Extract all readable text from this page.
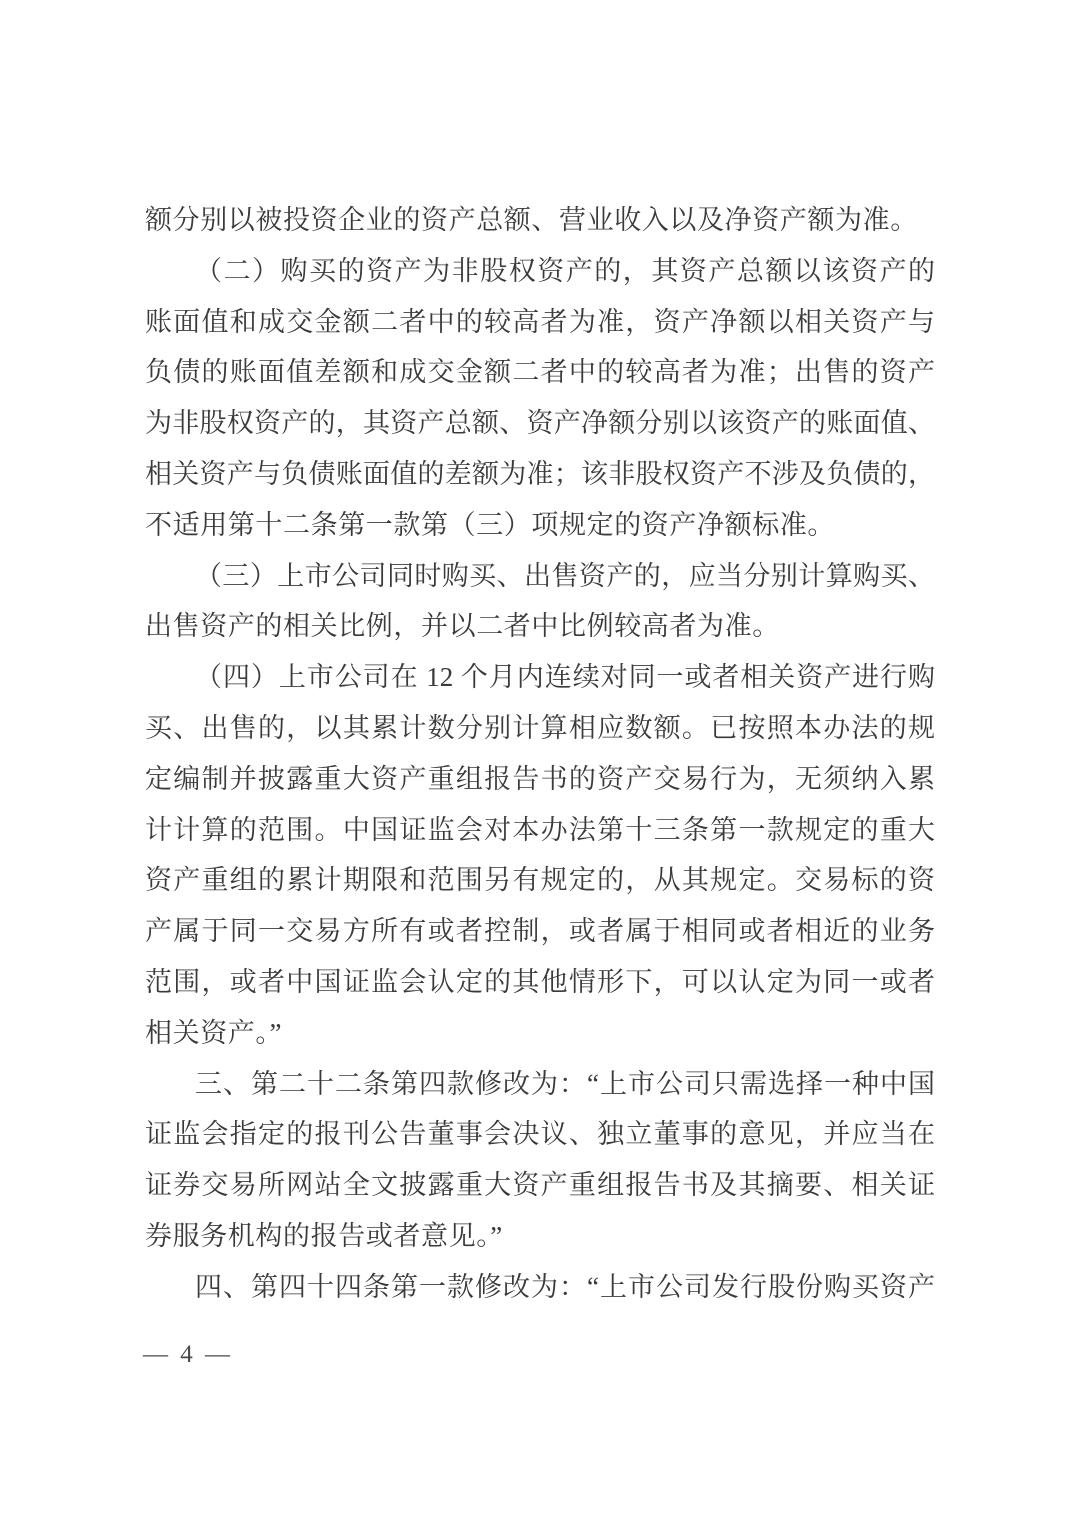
额分别以被投资企业的资产总额、营业收入以及净资产额为准。
（二）购买的资产为非股权资产的，其资产总额以该资产的
账面值和成交金额二者中的较高者为准，资产净额以相关资产与
负债的账面值差额和成交金额二者中的较高者为准；出售的资产
为非股权资产的，其资产总额、资产净额分别以该资产的账面值、
相关资产与负债账面值的差额为准；该非股权资产不涉及负债的，
不适用第十二条第一款第（三）项规定的资产净额标准。
（三）上市公司同时购买、出售资产的，应当分别计算购买、
出售资产的相关比例，并以二者中比例较高者为准。
（四）上市公司在 12 个月内连续对同一或者相关资产进行购
买、出售的，以其累计数分别计算相应数额。已按照本办法的规
定编制并披露重大资产重组报告书的资产交易行为，无须纳入累
计计算的范围。中国证监会对本办法第十三条第一款规定的重大
资产重组的累计期限和范围另有规定的，从其规定。交易标的资
产属于同一交易方所有或者控制，或者属于相同或者相近的业务
范围，或者中国证监会认定的其他情形下，可以认定为同一或者
相关资产。”
三、第二十二条第四款修改为：“上市公司只需选择一种中国
证监会指定的报刊公告董事会决议、独立董事的意见，并应当在
证券交易所网站全文披露重大资产重组报告书及其摘要、相关证
券服务机构的报告或者意见。”
四、第四十四条第一款修改为：“上市公司发行股份购买资产
— 4 —
